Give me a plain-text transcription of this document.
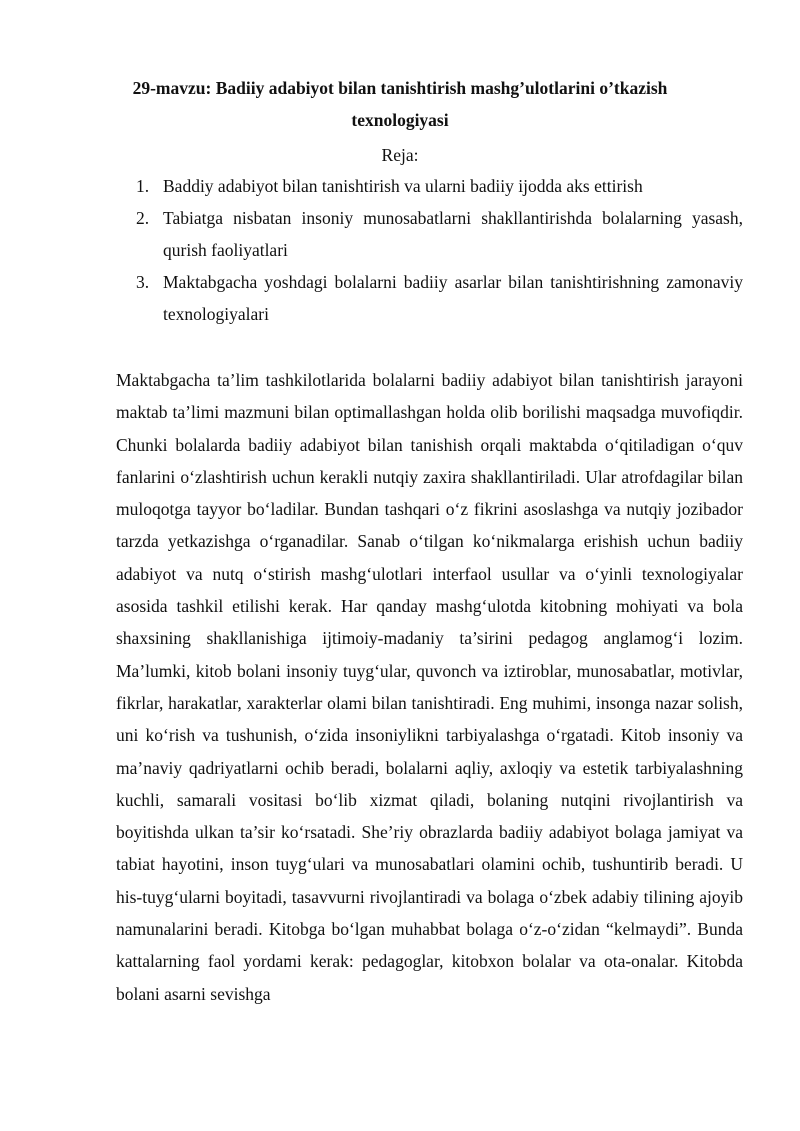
29-mavzu: Badiiy adabiyot bilan tanishtirish mashg’ulotlarini o’tkazish
texnologiyasi

Reja:

1. Baddiy adabiyot bilan tanishtirish va ularni badiiy ijodda aks ettirish
2. Tabiatga nisbatan insoniy munosabatlarni shakllantirishda bolalarning yasash, qurish faoliyatlari
3. Maktabgacha yoshdagi bolalarni badiiy asarlar bilan tanishtirishning zamonaviy texnologiyalari

Maktabgacha ta’lim tashkilotlarida bolalarni badiiy adabiyot bilan tanishtirish jarayoni maktab ta’limi mazmuni bilan optimallashgan holda olib borilishi maqsadga muvofiqdir. Chunki bolalarda badiiy adabiyot bilan tanishish orqali maktabda o‘qitiladigan o‘quv fanlarini o‘zlashtirish uchun kerakli nutqiy zaxira shakllantiriladi. Ular atrofdagilar bilan muloqotga tayyor bo‘ladilar. Bundan tashqari o‘z fikrini asoslashga va nutqiy jozibador tarzda yetkazishga o‘rganadilar. Sanab o‘tilgan ko‘nikmalarga erishish uchun badiiy adabiyot va nutq o‘stirish mashg‘ulotlari interfaol usullar va o‘yinli texnologiyalar asosida tashkil etilishi kerak. Har qanday mashg‘ulotda kitobning mohiyati va bola shaxsining shakllanishiga ijtimoiy-madaniy ta’sirini pedagog anglamog‘i lozim. Ma’lumki, kitob bolani insoniy tuyg‘ular, quvonch va iztiroblar, munosabatlar, motivlar, fikrlar, harakatlar, xarakterlar olami bilan tanishtiradi. Eng muhimi, insonga nazar solish, uni ko‘rish va tushunish, o‘zida insoniylikni tarbiyalashga o‘rgatadi. Kitob insoniy va ma’naviy qadriyatlarni ochib beradi, bolalarni aqliy, axloqiy va estetik tarbiyalashning kuchli, samarali vositasi bo‘lib xizmat qiladi, bolaning nutqini rivojlantirish va boyitishda ulkan ta’sir ko‘rsatadi. She’riy obrazlarda badiiy adabiyot bolaga jamiyat va tabiat hayotini, inson tuyg‘ulari va munosabatlari olamini ochib, tushuntirib beradi. U his-tuyg‘ularni boyitadi, tasavvurni rivojlantiradi va bolaga o‘zbek adabiy tilining ajoyib namunalarini beradi. Kitobga bo‘lgan muhabbat bolaga o‘z-o‘zidan “kelmaydi”. Bunda kattalarning faol yordami kerak: pedagoglar, kitobxon bolalar va ota-onalar. Kitobda bolani asarni sevishga
